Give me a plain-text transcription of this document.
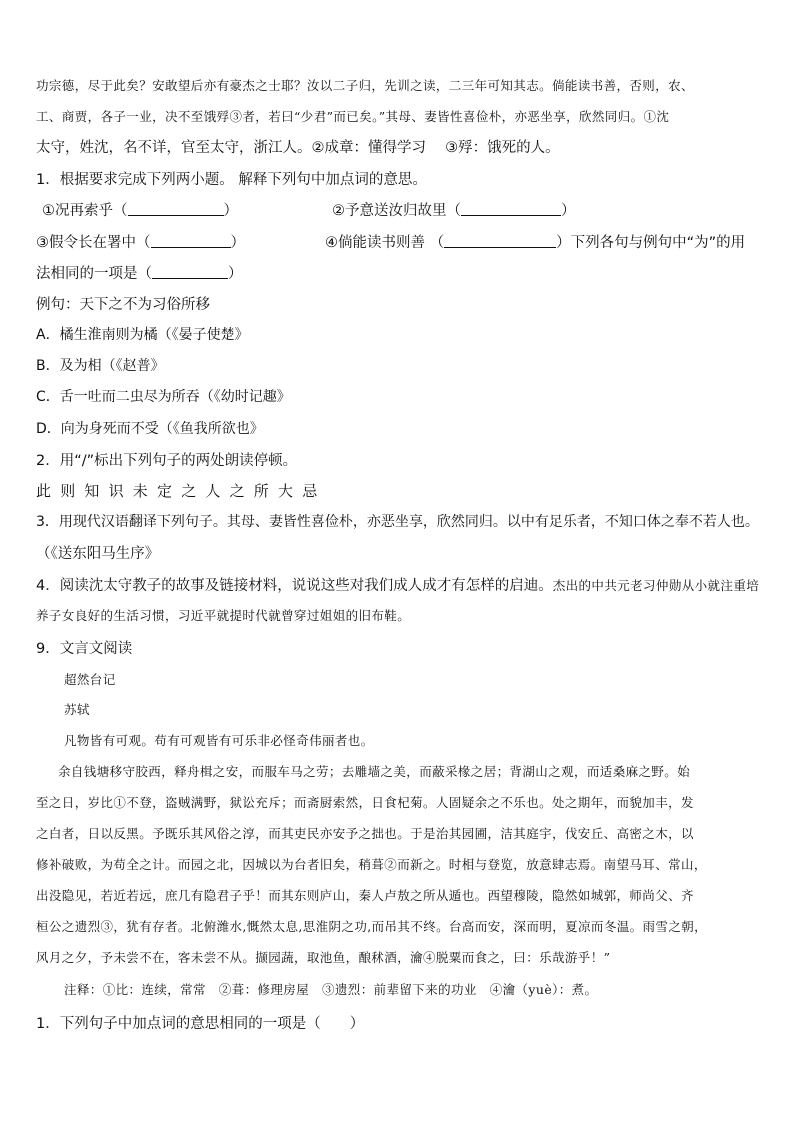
功宗德，尽于此矣？安敢望后亦有豪杰之士耶？汝以二子归，先训之读，二三年可知其志。倘能读书善，否则，农、
工、商贾，各子一业，决不至饿殍③者，若曰“少君”而已矣。”其母、妻皆性喜俭朴，亦恶坐享，欣然同归。①沈
太守，姓沈，名不详，官至太守，浙江人。②成章：懂得学习　 ③殍：饿死的人。
1．根据要求完成下列两小题。 解释下列句中加点词的意思。
①况再索乎（	）	②予意送汝归故里（	）
③假令长在署中（	）	④倘能读书则善 （	）下列各句与例句中“为”的用
法相同的一项是（	）
例句：天下之不为习俗所移
A．橘生淮南则为橘（《晏子使楚》
B．及为相（《赵普》
C．舌一吐而二虫尽为所吞（《幼时记趣》
D．向为身死而不受（《鱼我所欲也》
2．用“/”标出下列句子的两处朗读停顿。
此则知识未定之人之所大忌
3．用现代汉语翻译下列句子。其母、妻皆性喜俭朴，亦恶坐享，欣然同归。以中有足乐者，不知口体之奉不若人也。
（《送东阳马生序》
4．阅读沈太守教子的故事及链接材料，说说这些对我们成人成才有怎样的启迪。杰出的中共元老习仲勋从小就注重培
养子女良好的生活习惯，习近平就提时代就曾穿过姐姐的旧布鞋。
9．文言文阅读
超然台记
苏轼
凡物皆有可观。苟有可观皆有可乐非必怪奇伟丽者也。
余自钱塘移守胶西，释舟楫之安，而服车马之劳；去雕墙之美，而蔽采椽之居；背湖山之观，而适桑麻之野。始
至之日，岁比①不登，盗贼满野，狱讼充斥；而斋厨索然，日食杞菊。人固疑余之不乐也。处之期年，而貌加丰，发
之白者，日以反黑。予既乐其风俗之淳，而其吏民亦安予之拙也。于是治其园圃，洁其庭宇，伐安丘、高密之木，以
修补破败，为苟全之计。而园之北，因城以为台者旧矣，稍葺②而新之。时相与登览，放意肆志焉。南望马耳、常山，
出没隐见，若近若远，庶几有隐君子乎！而其东则庐山，秦人卢敖之所从遁也。西望穆陵，隐然如城郭，师尚父、齐
桓公之遗烈③，犹有存者。北俯潍水,慨然太息,思淮阴之功,而吊其不终。台高而安，深而明，夏凉而冬温。雨雪之朝，
风月之夕，予未尝不在，客未尝不从。撷园蔬，取池鱼，酿秫酒，瀹④脱粟而食之，曰：乐哉游乎！”
注释：①比：连续，常常　②葺：修理房屋　③遗烈：前辈留下来的功业　④瀹（yuè）：煮。
1．下列句子中加点词的意思相同的一项是（　　）
